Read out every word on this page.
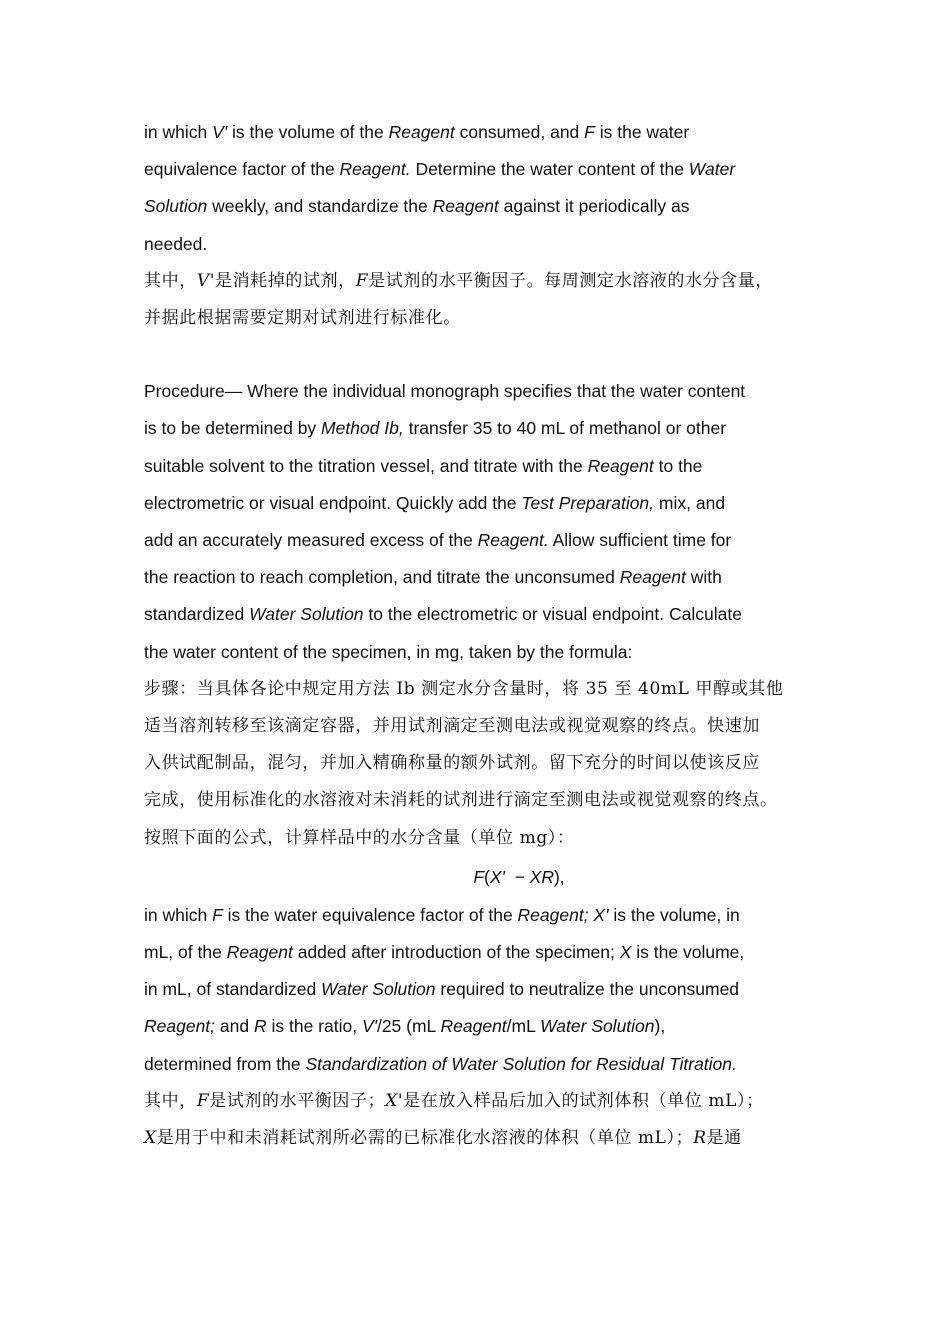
in which V' is the volume of the Reagent consumed, and F is the water

equivalence factor of the Reagent. Determine the water content of the Water

Solution weekly, and standardize the Reagent against it periodically as

needed.

其中，V'是消耗掉的试剂，F是试剂的水平衡因子。每周测定水溶液的水分含量，

并据此根据需要定期对试剂进行标准化。

Procedure— Where the individual monograph specifies that the water content

is to be determined by Method Ib, transfer 35 to 40 mL of methanol or other

suitable solvent to the titration vessel, and titrate with the Reagent to the

electrometric or visual endpoint. Quickly add the Test Preparation, mix, and

add an accurately measured excess of the Reagent. Allow sufficient time for

the reaction to reach completion, and titrate the unconsumed Reagent with

standardized Water Solution to the electrometric or visual endpoint. Calculate

the water content of the specimen, in mg, taken by the formula:

步骤：当具体各论中规定用方法 Ib 测定水分含量时，将 35 至 40mL 甲醇或其他

适当溶剂转移至该滴定容器，并用试剂滴定至测电法或视觉观察的终点。快速加

入供试配制品，混匀，并加入精确称量的额外试剂。留下充分的时间以使该反应

完成，使用标准化的水溶液对未消耗的试剂进行滴定至测电法或视觉观察的终点。

按照下面的公式，计算样品中的水分含量（单位 mg）：

F(X'  − XR),

in which F is the water equivalence factor of the Reagent; X' is the volume, in

mL, of the Reagent added after introduction of the specimen; X is the volume,

in mL, of standardized Water Solution required to neutralize the unconsumed

Reagent; and R is the ratio, V'/25 (mL Reagent/mL Water Solution),

determined from the Standardization of Water Solution for Residual Titration.

其中，F是试剂的水平衡因子；X'是在放入样品后加入的试剂体积（单位 mL）；

X是用于中和未消耗试剂所必需的已标准化水溶液的体积（单位 mL）；R是通
